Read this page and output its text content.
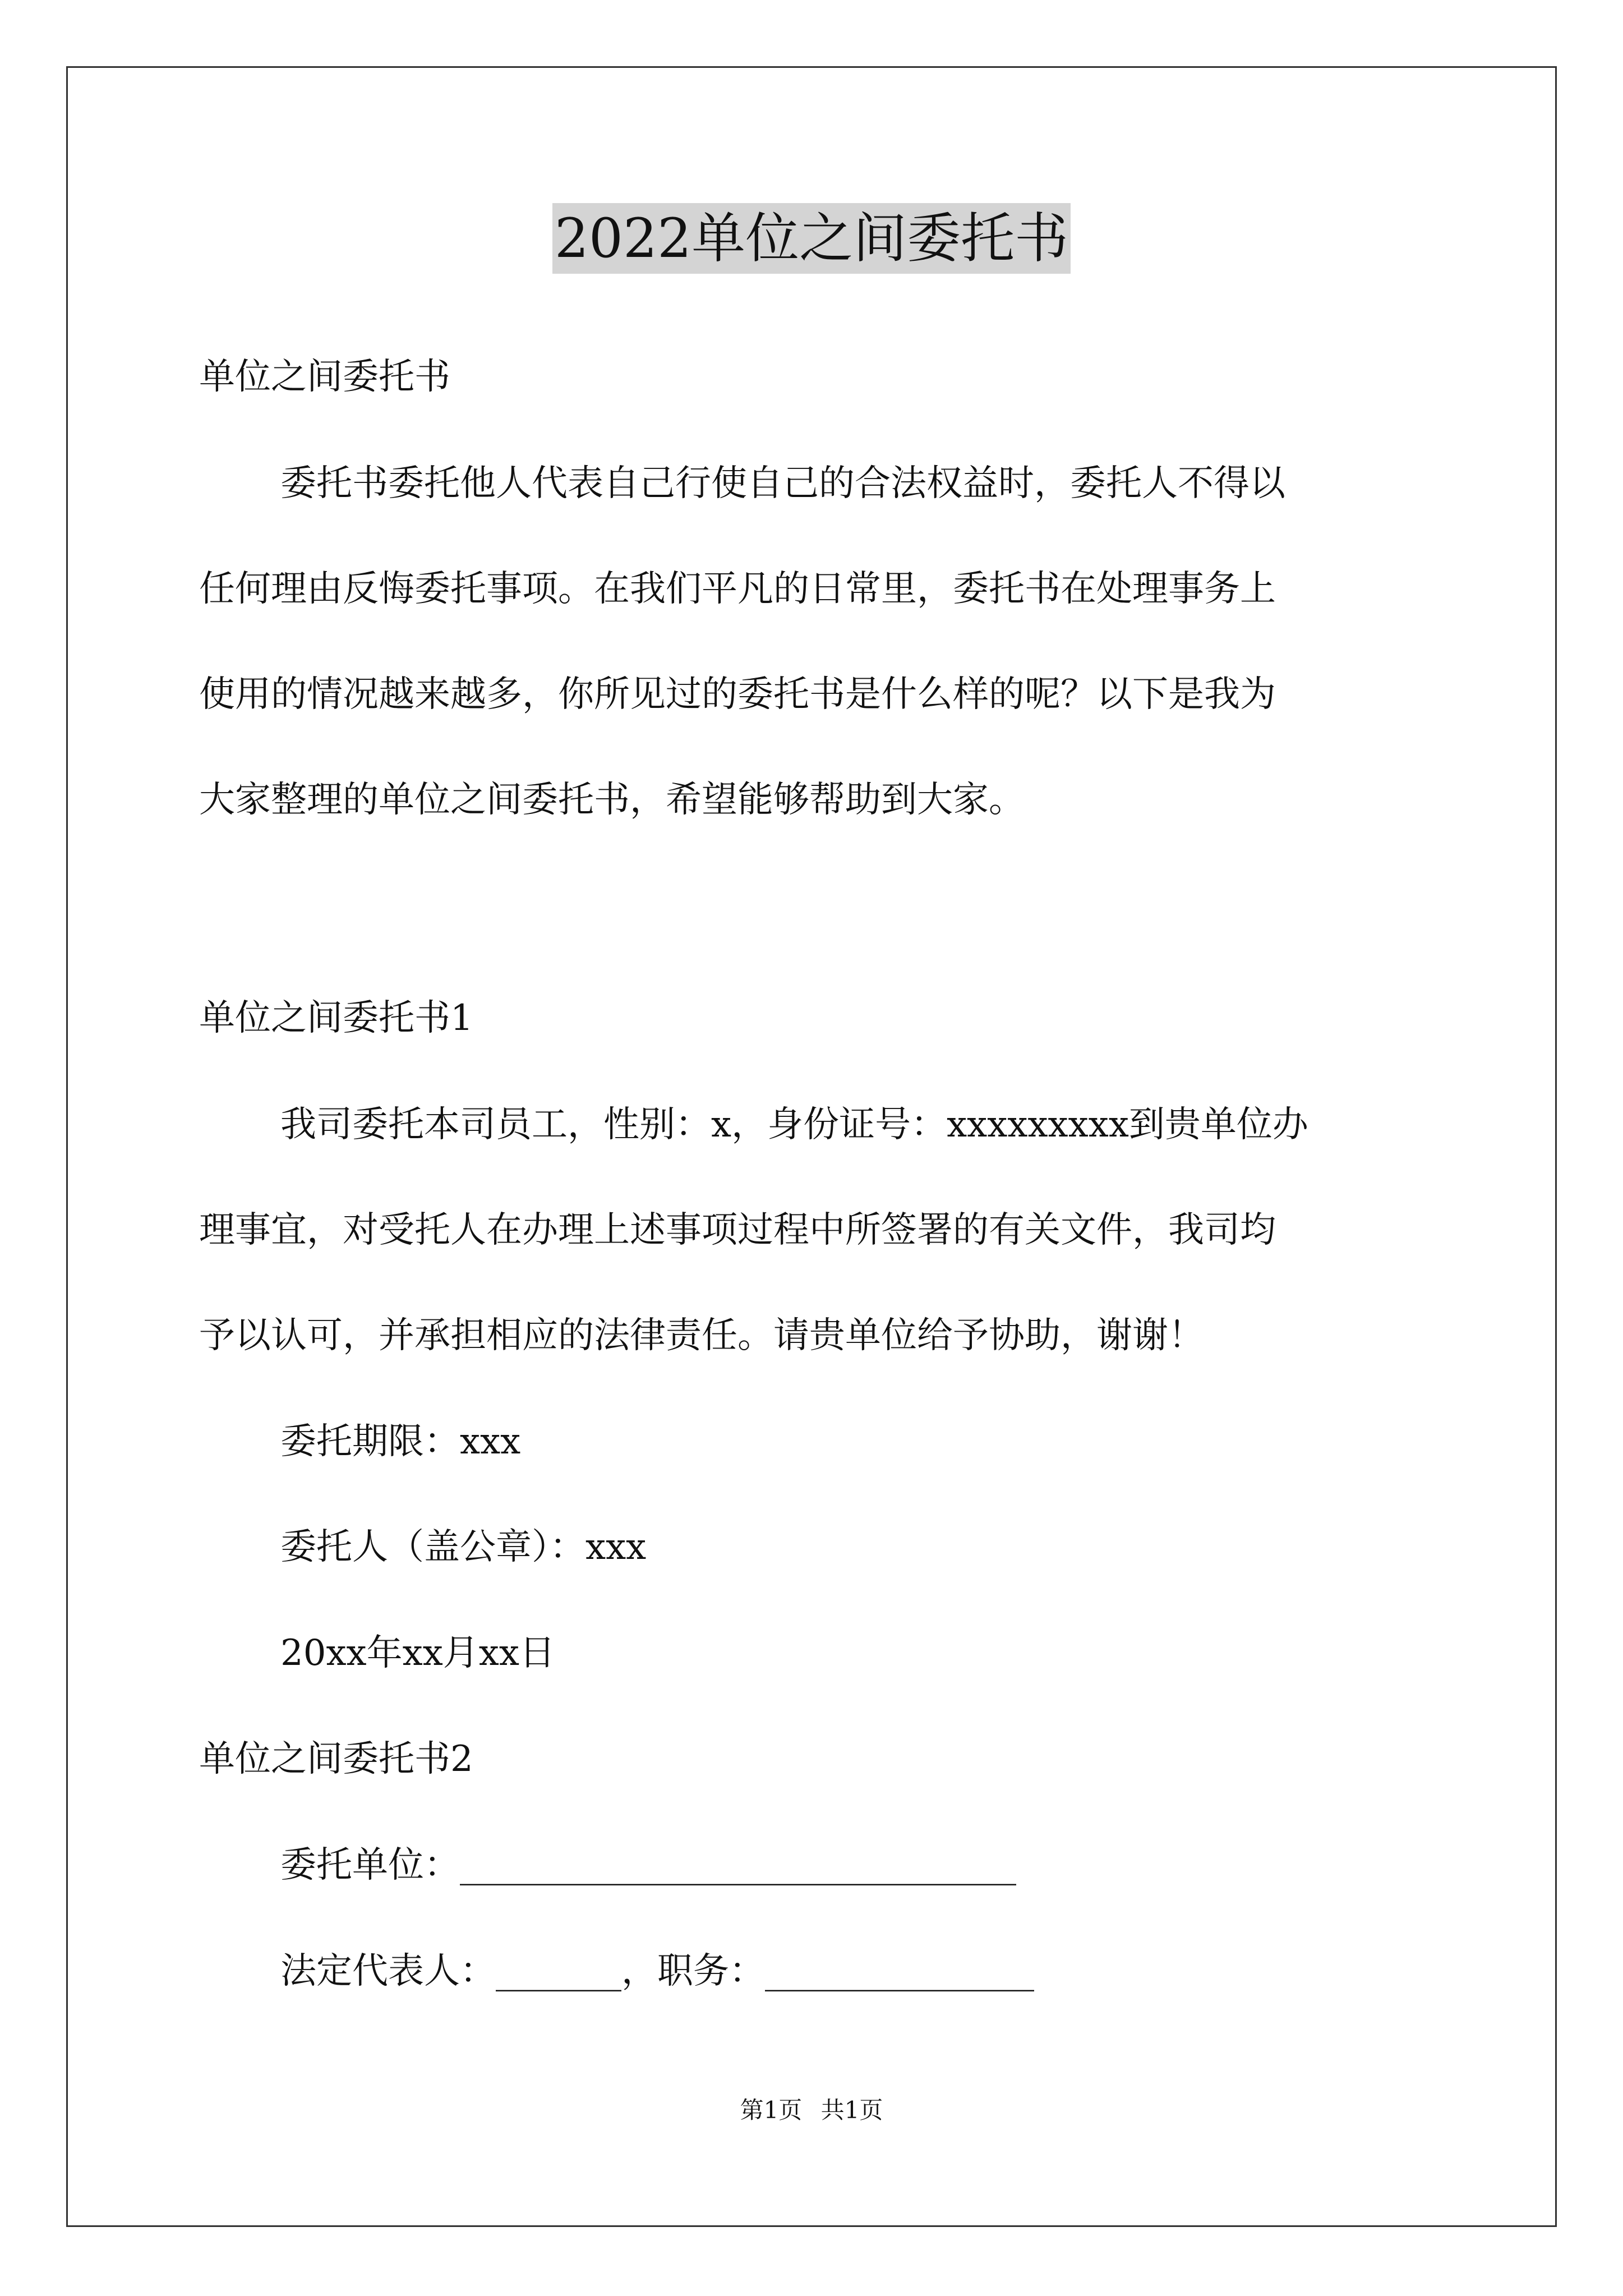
2022单位之间委托书
单位之间委托书
委托书委托他人代表自己行使自己的合法权益时，委托人不得以
任何理由反悔委托事项。在我们平凡的日常里，委托书在处理事务上
使用的情况越来越多，你所见过的委托书是什么样的呢？以下是我为
大家整理的单位之间委托书，希望能够帮助到大家。
单位之间委托书1
我司委托本司员工，性别：x，身份证号：xxxxxxxxx到贵单位办
理事宜，对受托人在办理上述事项过程中所签署的有关文件，我司均
予以认可，并承担相应的法律责任。请贵单位给予协助，谢谢！
委托期限：xxx
委托人（盖公章）：xxx
20xx年xx月xx日
单位之间委托书2
委托单位：_______________________________
法定代表人：_______，职务：_______________
第1页 共1页
